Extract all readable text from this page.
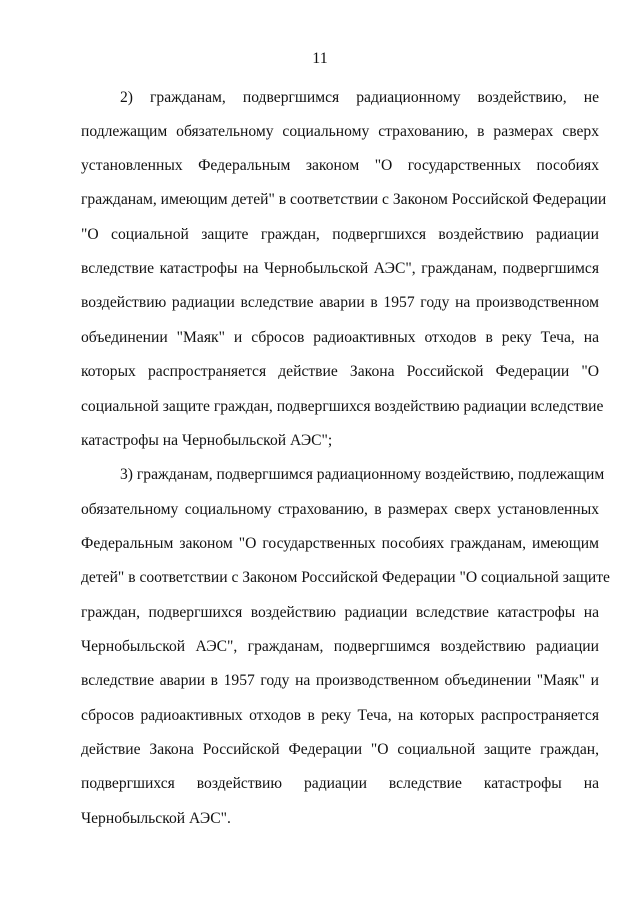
11
2) гражданам, подвергшимся радиационному воздействию, не
подлежащим обязательному социальному страхованию, в размерах сверх
установленных Федеральным законом "О государственных пособиях
гражданам, имеющим детей" в соответствии с Законом Российской Федерации
"О социальной защите граждан, подвергшихся воздействию радиации
вследствие катастрофы на Чернобыльской АЭС", гражданам, подвергшимся
воздействию радиации вследствие аварии в 1957 году на производственном
объединении "Маяк" и сбросов радиоактивных отходов в реку Теча, на
которых распространяется действие Закона Российской Федерации "О
социальной защите граждан, подвергшихся воздействию радиации вследствие
катастрофы на Чернобыльской АЭС";
3) гражданам, подвергшимся радиационному воздействию, подлежащим
обязательному социальному страхованию, в размерах сверх установленных
Федеральным законом "О государственных пособиях гражданам, имеющим
детей" в соответствии с Законом Российской Федерации "О социальной защите
граждан, подвергшихся воздействию радиации вследствие катастрофы на
Чернобыльской АЭС", гражданам, подвергшимся воздействию радиации
вследствие аварии в 1957 году на производственном объединении "Маяк" и
сбросов радиоактивных отходов в реку Теча, на которых распространяется
действие Закона Российской Федерации "О социальной защите граждан,
подвергшихся воздействию радиации вследствие катастрофы на
Чернобыльской АЭС".
